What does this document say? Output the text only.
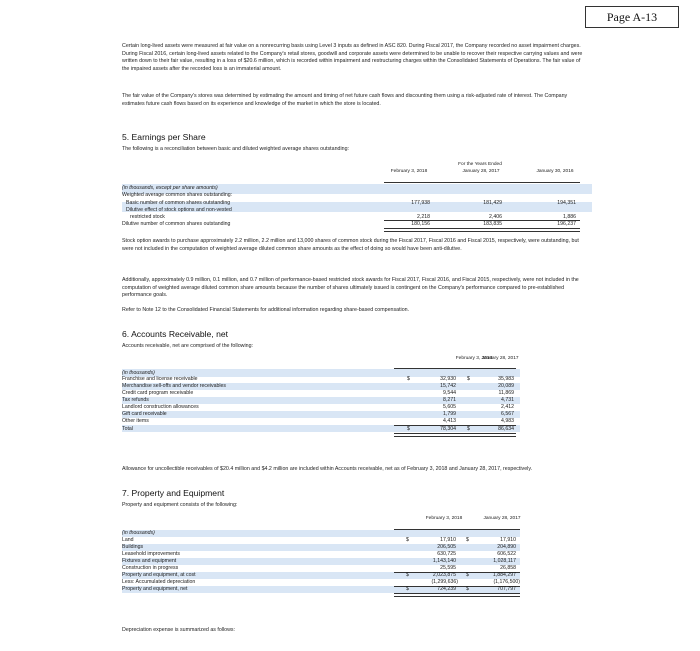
Page A-13
Certain long-lived assets were measured at fair value on a nonrecurring basis using Level 3 inputs as defined in ASC 820. During Fiscal 2017, the Company recorded no asset impairment charges. During Fiscal 2016, certain long-lived assets related to the Company's retail stores, goodwill and corporate assets were determined to be unable to recover their respective carrying values and were written down to their fair value, resulting in a loss of $20.6 million, which is recorded within impairment and restructuring charges within the Consolidated Statements of Operations. The fair value of the impaired assets after the recorded loss is an immaterial amount.
The fair value of the Company's stores was determined by estimating the amount and timing of net future cash flows and discounting them using a risk-adjusted rate of interest. The Company estimates future cash flows based on its experience and knowledge of the market in which the store is located.
5. Earnings per Share
The following is a reconciliation between basic and diluted weighted average shares outstanding:
For the Years Ended
February 3, 2018	January 28, 2017	January 30, 2016
(in thousands, except per share amounts)
Weighted average common shares outstanding:
Basic number of common shares outstanding	177,938	181,429	194,351
Dilutive effect of stock options and non-vested
restricted stock	2,218	2,406	1,886
Dilutive number of common shares outstanding	180,156	183,835	196,237
Stock option awards to purchase approximately 2.2 million, 2.2 million and 13,000 shares of common stock during the Fiscal 2017, Fiscal 2016 and Fiscal 2015, respectively, were outstanding, but were not included in the computation of weighted average diluted common share amounts as the effect of doing so would have been anti-dilutive.
Additionally, approximately 0.9 million, 0.1 million, and 0.7 million of performance-based restricted stock awards for Fiscal 2017, Fiscal 2016, and Fiscal 2015, respectively, were not included in the computation of weighted average diluted common share amounts because the number of shares ultimately issued is contingent on the Company's performance compared to pre-established performance goals.
Refer to Note 12 to the Consolidated Financial Statements for additional information regarding share-based compensation.
6. Accounts Receivable, net
Accounts receivable, net are comprised of the following:
February 3, 2018
January 28, 2017
(in thousands)
$	$
Franchise and license receivable	32,930	35,983
Merchandise sell-offs and vendor receivables	15,742	20,089
Credit card program receivable	9,544	11,869
Tax refunds	8,271	4,731
Landlord construction allowances	5,605	2,412
Gift card receivable	1,799	6,567
Other items	4,413	4,983
$	$
Total	78,304	86,634
Allowance for uncollectible receivables of $20.4 million and $4.2 million are included within Accounts receivable, net as of February 3, 2018 and January 28, 2017, respectively.
7. Property and Equipment
Property and equipment consists of the following:
February 3, 2018	January 28, 2017
(in thousands)
$	$
Land	17,910	17,910
Buildings	206,505	204,890
Leasehold improvements	630,725	606,522
Fixtures and equipment	1,143,140	1,028,117
Construction in progress	25,595	26,858
$	$
Property and equipment, at cost	2,023,875	1,884,297
Less: Accumulated depreciation	(1,299,636)	(1,176,500)
$	$
Property and equipment, net	724,239	707,797
Depreciation expense is summarized as follows:
